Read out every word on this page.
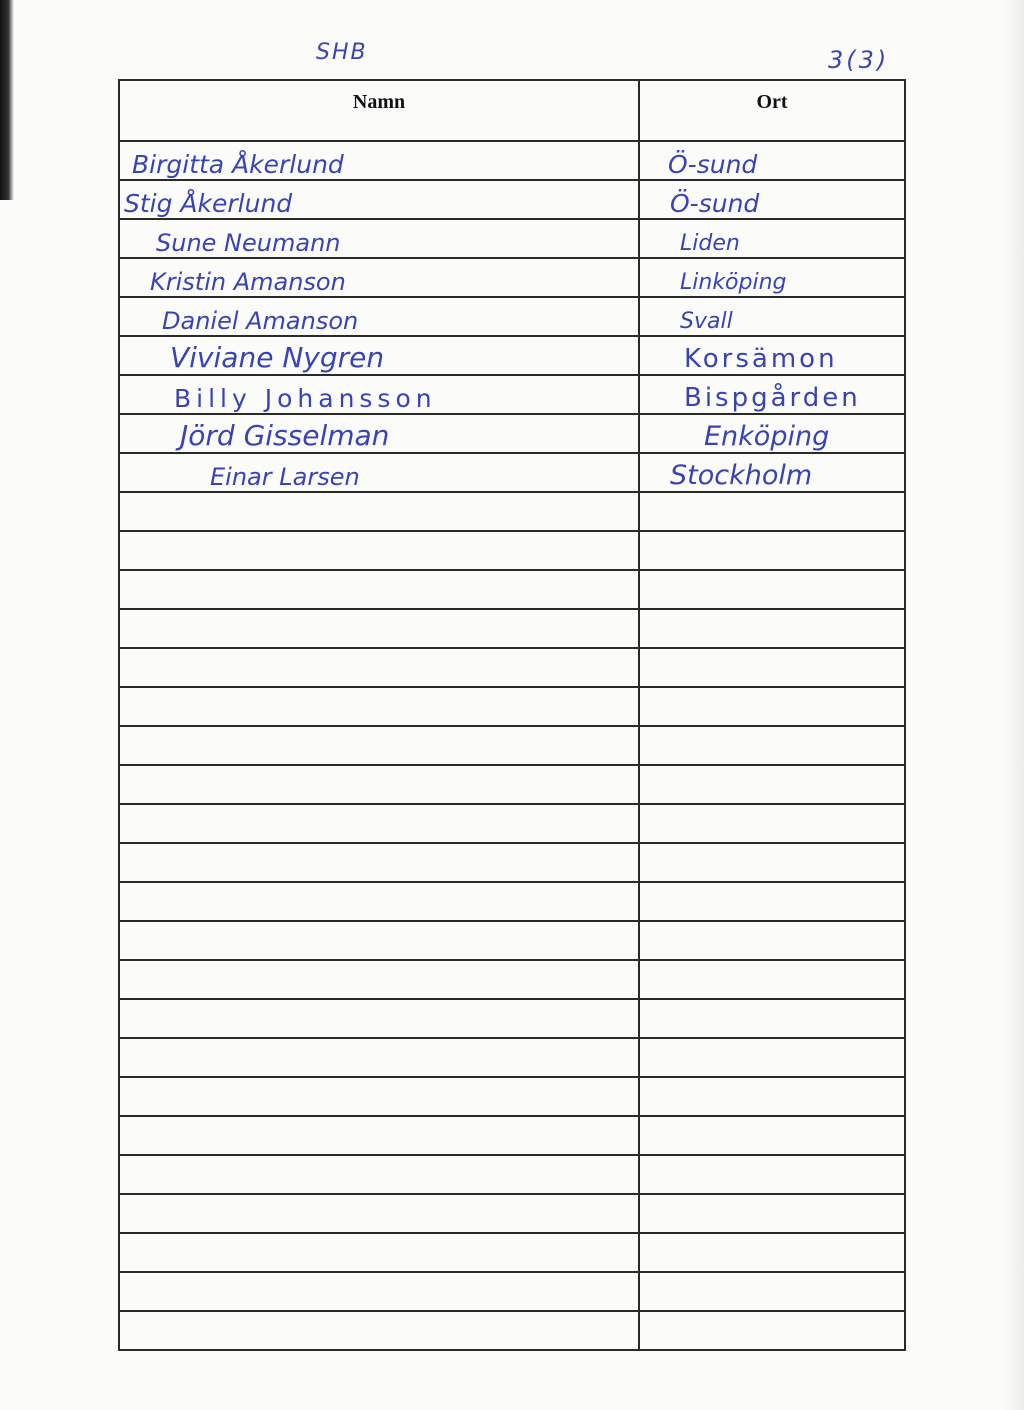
SHB	3(3)
Namn	Ort

Birgitta Åkerlund	Ö-sund

Stig Åkerlund	Ö-sund

Sune Neumann	Liden

Kristin Amanson	Linköping

Daniel Amanson	Svall

Viviane Nygren	Korsämon

Billy Johansson	Bispgården

Jörd Gisselman	Enköping

Einar Larsen	Stockholm
